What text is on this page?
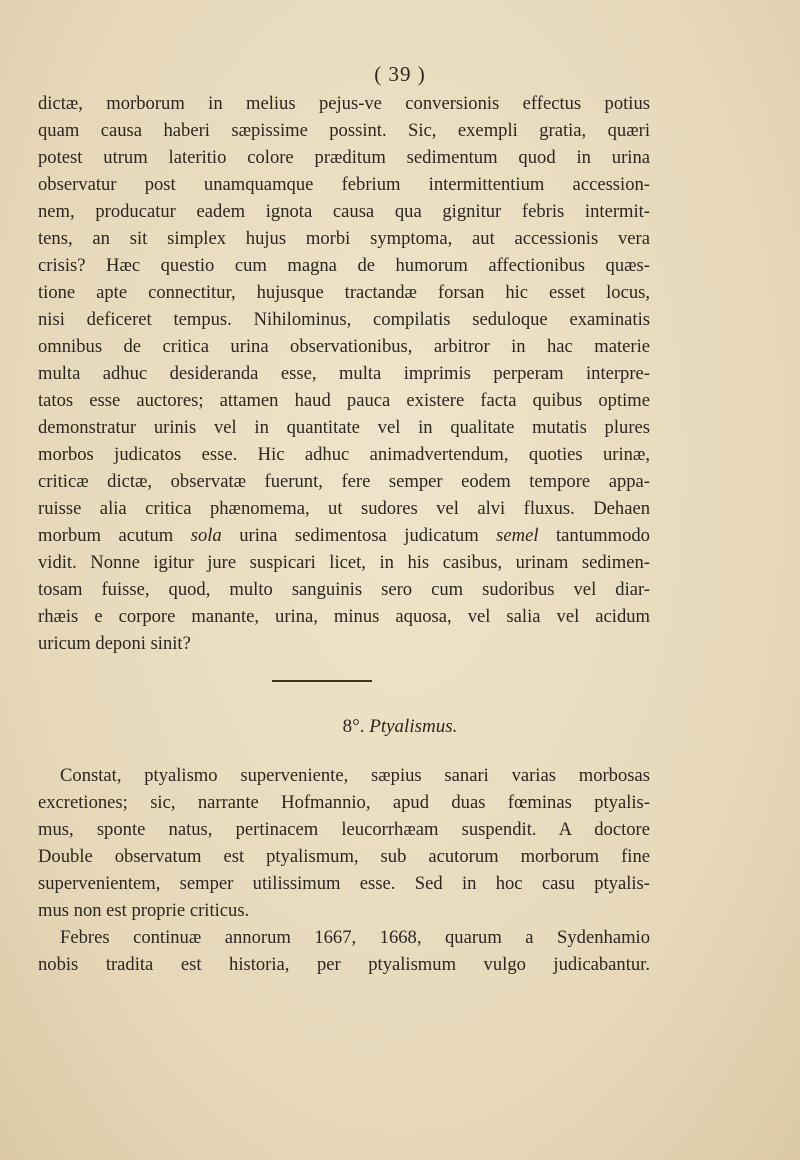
( 39 )
dictæ, morborum in melius pejus-ve conversionis effectus potius
quam causa haberi sæpissime possint. Sic, exempli gratia, quæri
potest utrum lateritio colore præditum sedimentum quod in urina
observatur post unamquamque febrium intermittentium accession-
nem, producatur eadem ignota causa qua gignitur febris intermit-
tens, an sit simplex hujus morbi symptoma, aut accessionis vera
crisis? Hæc questio cum magna de humorum affectionibus quæs-
tione apte connectitur, hujusque tractandæ forsan hic esset locus,
nisi deficeret tempus. Nihilominus, compilatis seduloque examinatis
omnibus de critica urina observationibus, arbitror in hac materie
multa adhuc desideranda esse, multa imprimis perperam interpre-
tatos esse auctores; attamen haud pauca existere facta quibus optime
demonstratur urinis vel in quantitate vel in qualitate mutatis plures
morbos judicatos esse. Hic adhuc animadvertendum, quoties urinæ,
criticæ dictæ, observatæ fuerunt, fere semper eodem tempore appa-
ruisse alia critica phænomema, ut sudores vel alvi fluxus. Dehaen
morbum acutum sola urina sedimentosa judicatum semel tantummodo
vidit. Nonne igitur jure suspicari licet, in his casibus, urinam sedimen-
tosam fuisse, quod, multo sanguinis sero cum sudoribus vel diar-
rhæis e corpore manante, urina, minus aquosa, vel salia vel acidum
uricum deponi sinit?
8°. Ptyalismus.
Constat, ptyalismo superveniente, sæpius sanari varias morbosas
excretiones; sic, narrante Hofmannio, apud duas fœminas ptyalis-
mus, sponte natus, pertinacem leucorrhæam suspendit. A doctore
Double observatum est ptyalismum, sub acutorum morborum fine
supervenientem, semper utilissimum esse. Sed in hoc casu ptyalis-
mus non est proprie criticus.
Febres continuæ annorum 1667, 1668, quarum a Sydenhamio
nobis tradita est historia, per ptyalismum vulgo judicabantur.
